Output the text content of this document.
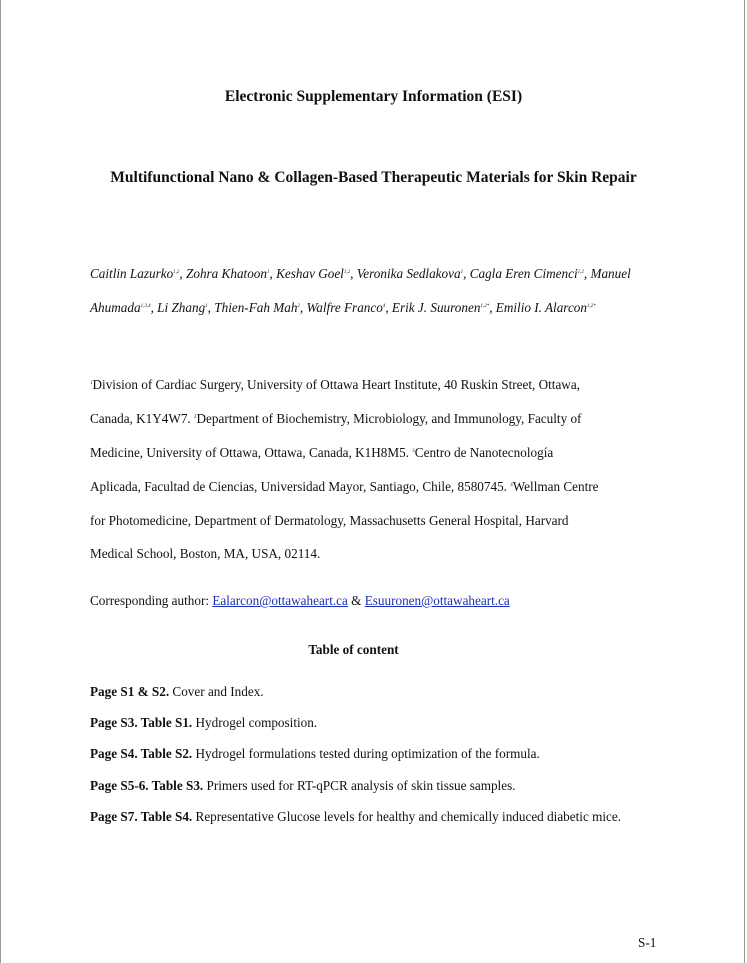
Electronic Supplementary Information (ESI)
Multifunctional Nano & Collagen-Based Therapeutic Materials for Skin Repair
Caitlin Lazurko$^{1,2}$, Zohra Khatoon$^1$, Keshav Goel$^{1,2}$, Veronika Sedlakova$^1$, Cagla Eren Cimenci$^{1,2}$, Manuel Ahumada$^{1,3,4}$, Li Zhang$^1$, Thien-Fah Mah$^2$, Walfre Franco$^4$, Erik J. Suuronen$^{1,2*}$, Emilio I. Alarcon$^{1,2*}$
$^1$Division of Cardiac Surgery, University of Ottawa Heart Institute, 40 Ruskin Street, Ottawa,
Canada, K1Y4W7. $^2$Department of Biochemistry, Microbiology, and Immunology, Faculty of
Medicine, University of Ottawa, Ottawa, Canada, K1H8M5. $^3$Centro de Nanotecnología
Aplicada, Facultad de Ciencias, Universidad Mayor, Santiago, Chile, 8580745. $^4$Wellman Centre
for Photomedicine, Department of Dermatology, Massachusetts General Hospital, Harvard
Medical School, Boston, MA, USA, 02114.
Corresponding author: Ealarcon@ottawaheart.ca & Esuuronen@ottawaheart.ca
Table of content
Page S1 & S2. Cover and Index.
Page S3. Table S1. Hydrogel composition.
Page S4. Table S2. Hydrogel formulations tested during optimization of the formula.
Page S5-6. Table S3. Primers used for RT-qPCR analysis of skin tissue samples.
Page S7. Table S4. Representative Glucose levels for healthy and chemically induced diabetic mice.
S-1
